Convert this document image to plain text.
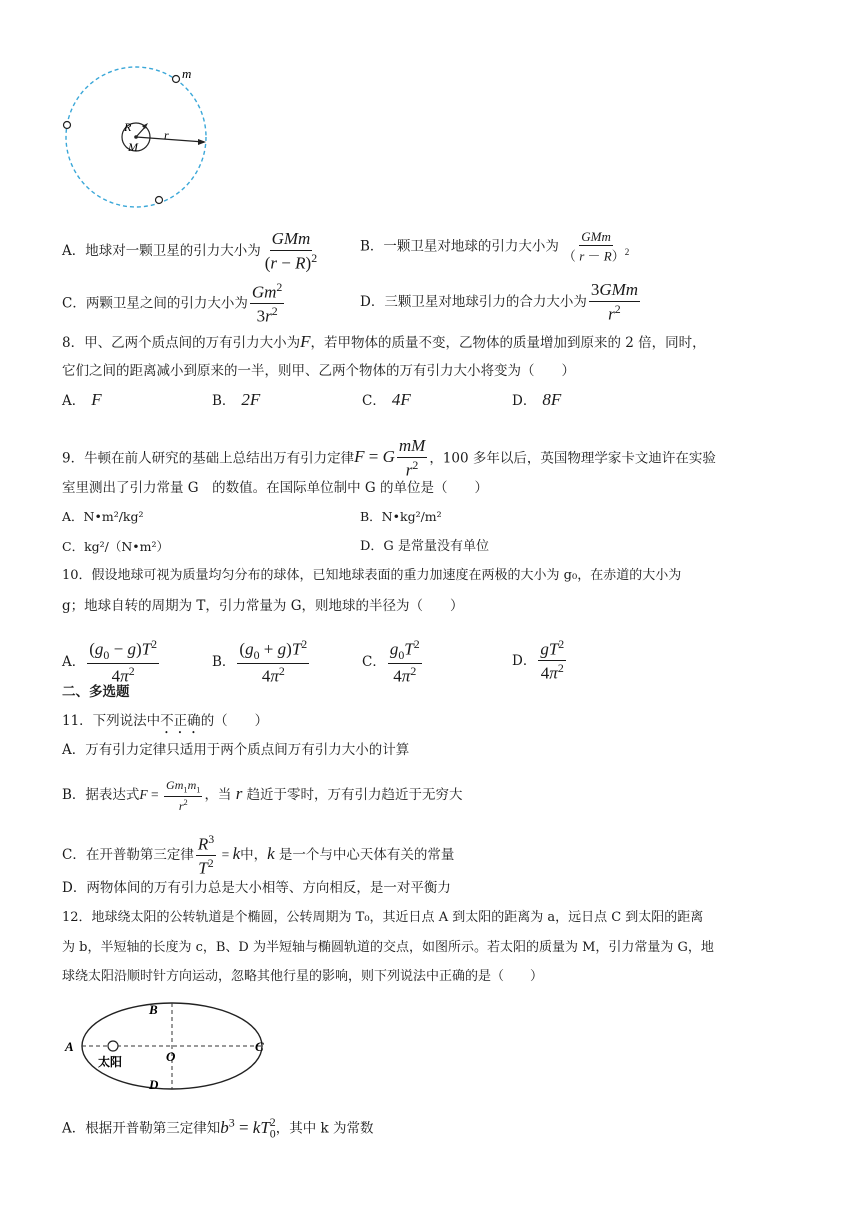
m
R
M
r
A．地球对一颗卫星的引力大小为 $\frac{\text{GMm}}{(r - R)^2}$	B．一颗卫星对地球的引力大小为 $\frac{\text{GMm}}{( r - R)^2}$
C．两颗卫星之间的引力大小为 $\frac{Gm^2}{3r^2}$	D．三颗卫星对地球引力的合力大小为 $\frac{\text{3GMm}}{r^2}$
8．甲、乙两个质点间的万有引力大小为F，若甲物体的质量不变，乙物体的质量增加到原来的 2 倍，同时，
它们之间的距离减小到原来的一半，则甲、乙两个物体的万有引力大小将变为（　　）
A． F	B． 2F	C． 4F	D． 8F
9．牛顿在前人研究的基础上总结出万有引力定律F = G $\frac{mM}{r^2}$ ，100 多年以后，英国物理学家卡文迪许在实验
室里测出了引力常量 G　的数值。在国际单位制中 G 的单位是（　　）
A．N•m²/kg²	B．N•kg²/m²
C．kg²/（N•m²）	D．G 是常量没有单位
10．假设地球可视为质量均匀分布的球体，已知地球表面的重力加速度在两极的大小为 g₀，在赤道的大小为
g；地球自转的周期为 T，引力常量为 G，则地球的半径为（　　）
A． $\frac{(g_0 - g)T^2}{4\pi^2}$	B． $\frac{(g_0 + g)T^2}{4\pi^2}$	C． $\frac{g_0T^2}{4\pi^2}$	D． $\frac{gT^2}{4\pi^2}$
二、多选题
11．下列说法中不正确的（　　）
A．万有引力定律只适用于两个质点间万有引力大小的计算
B．据表达式$F = \frac{Gm_1m_1}{r^2}$ ，当 r 趋近于零时，万有引力趋近于无穷大
C．在开普勒第三定律 $\frac{R^3}{T^2} = k$中，k 是一个与中心天体有关的常量
D．两物体间的万有引力总是大小相等、方向相反，是一对平衡力
12．地球绕太阳的公转轨道是个椭圆，公转周期为 T₀，其近日点 A 到太阳的距离为 a，远日点 C 到太阳的距离
为 b，半短轴的长度为 c，B、D 为半短轴与椭圆轨道的交点，如图所示。若太阳的质量为 M，引力常量为 G，地
球绕太阳沿顺时针方向运动，忽略其他行星的影响，则下列说法中正确的是（　　）
A	C
B
D
O
太阳
A．根据开普勒第三定律知$b^3 = kT_0^2$，其中 k 为常数
